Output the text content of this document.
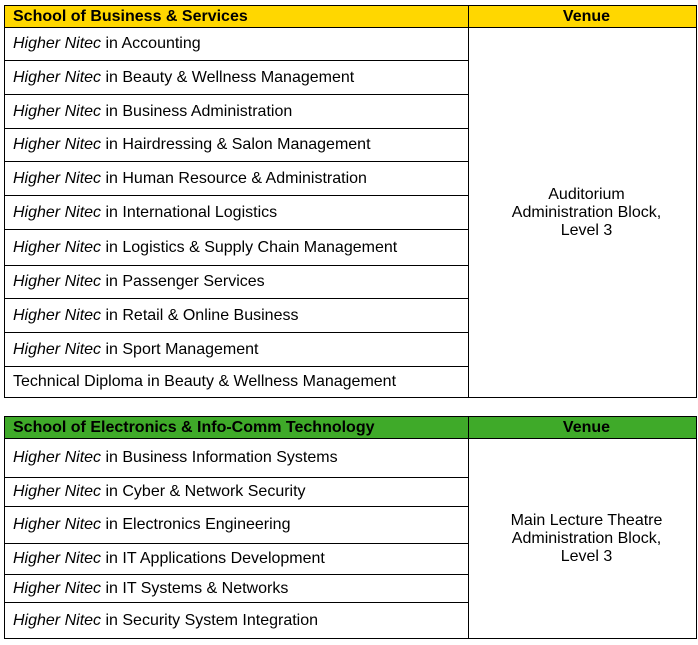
School of Business & Services	Venue
Higher Nitec in Accounting	Auditorium
Administration Block,
Level 3

Higher Nitec in Beauty & Wellness Management	
Higher Nitec in Business Administration	
Higher Nitec in Hairdressing & Salon Management	
Higher Nitec in Human Resource & Administration	
Higher Nitec in International Logistics	
Higher Nitec in Logistics & Supply Chain Management	
Higher Nitec in Passenger Services	
Higher Nitec in Retail & Online Business	
Higher Nitec in Sport Management	
Technical Diploma in Beauty & Wellness Management	
School of Electronics & Info-Comm Technology	Venue
Higher Nitec in Business Information Systems	Main Lecture Theatre
Administration Block,
Level 3

Higher Nitec in Cyber & Network Security	
Higher Nitec in Electronics Engineering	
Higher Nitec in IT Applications Development	
Higher Nitec in IT Systems & Networks	
Higher Nitec in Security System Integration	
